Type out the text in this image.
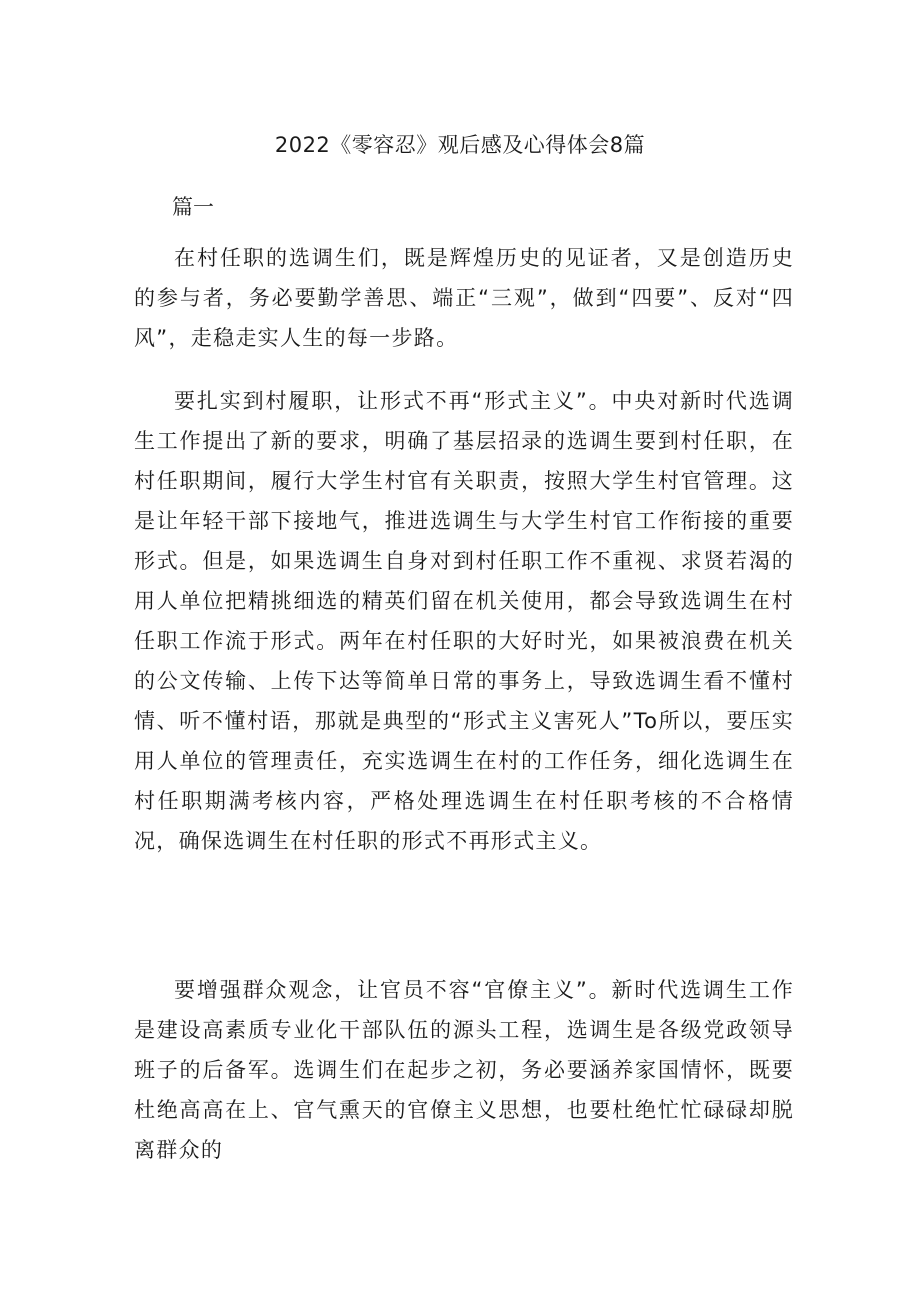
2022《零容忍》观后感及心得体会8篇
篇一

在村任职的选调生们，既是辉煌历史的见证者，又是创造历史的参与者，务必要勤学善思、端正“三观”，做到“四要”、反对“四风”，走稳走实人生的每一步路。

要扎实到村履职，让形式不再“形式主义”。中央对新时代选调生工作提出了新的要求，明确了基层招录的选调生要到村任职，在村任职期间，履行大学生村官有关职责，按照大学生村官管理。这是让年轻干部下接地气，推进选调生与大学生村官工作衔接的重要形式。但是，如果选调生自身对到村任职工作不重视、求贤若渴的用人单位把精挑细选的精英们留在机关使用，都会导致选调生在村任职工作流于形式。两年在村任职的大好时光，如果被浪费在机关的公文传输、上传下达等简单日常的事务上，导致选调生看不懂村情、听不懂村语，那就是典型的“形式主义害死人”To所以，要压实用人单位的管理责任，充实选调生在村的工作任务，细化选调生在村任职期满考核内容，严格处理选调生在村任职考核的不合格情况，确保选调生在村任职的形式不再形式主义。

要增强群众观念，让官员不容“官僚主义”。新时代选调生工作是建设高素质专业化干部队伍的源头工程，选调生是各级党政领导班子的后备军。选调生们在起步之初，务必要涵养家国情怀，既要杜绝高高在上、官气熏天的官僚主义思想，也要杜绝忙忙碌碌却脱离群众的
